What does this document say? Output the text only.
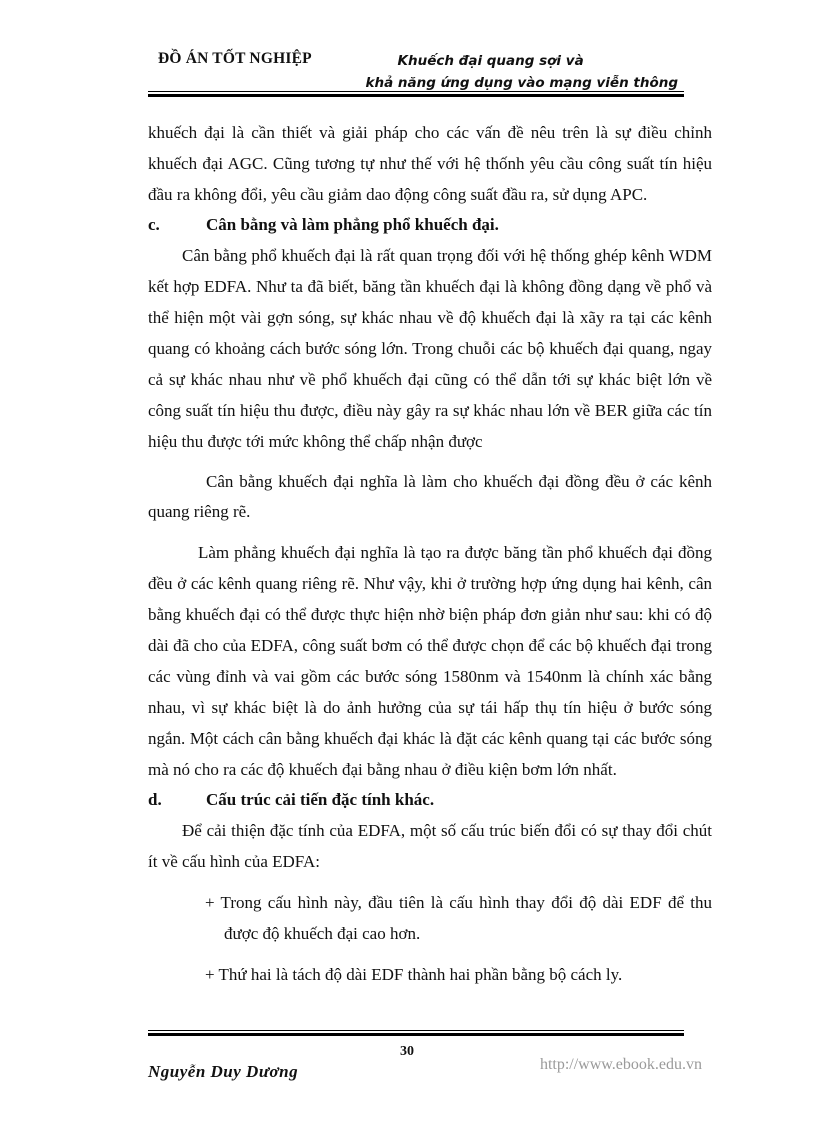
ĐỒ ÁN TỐT NGHIỆP	Khuếch đại quang sợi và
khả năng ứng dụng vào mạng viễn thông

khuếch đại là cần thiết và giải pháp cho các vấn đề nêu trên là sự điều chỉnh khuếch đại AGC. Cũng tương tự như thế với hệ thốnh yêu cầu công suất tín hiệu đầu ra không đổi, yêu cầu giảm dao động công suất đầu ra, sử dụng APC.

c.	Cân bằng và làm phẳng phổ khuếch đại.

Cân bằng phổ khuếch đại là rất quan trọng đối với hệ thống ghép kênh WDM kết hợp EDFA. Như ta đã biết, băng tần khuếch đại là không đồng dạng về phổ và thể hiện một vài gợn sóng, sự khác nhau về độ khuếch đại là xãy ra tại các kênh quang có khoảng cách bước sóng lớn. Trong chuỗi các bộ khuếch đại quang, ngay cả sự khác nhau như về phổ khuếch đại cũng có thể dẫn tới sự khác biệt lớn về công suất tín hiệu thu được, điều này gây ra sự khác nhau lớn về BER giữa các tín hiệu thu được tới mức không thể chấp nhận được

Cân bằng khuếch đại nghĩa là làm cho khuếch đại đồng đều ở các kênh quang riêng rẽ.

Làm phẳng khuếch đại nghĩa là tạo ra được băng tần phổ khuếch đại đồng đều ở các kênh quang riêng rẽ. Như vậy, khi ở trường hợp ứng dụng hai kênh, cân bằng khuếch đại có thể được thực hiện nhờ biện pháp đơn giản như sau: khi có độ dài đã cho của EDFA, công suất bơm có thể được chọn để các bộ khuếch đại trong các vùng đỉnh và vai gồm các bước sóng 1580nm và 1540nm là chính xác bằng nhau, vì sự khác biệt là do ảnh hưởng của sự tái hấp thụ tín hiệu ở bước sóng ngắn. Một cách cân bằng khuếch đại khác là đặt các kênh quang tại các bước sóng mà nó cho ra các độ khuếch đại bằng nhau ở điều kiện bơm lớn nhất.

d.	Cấu trúc cải tiến đặc tính khác.

Để cải thiện đặc tính của EDFA, một số cấu trúc biến đổi có sự thay đổi chút ít về cấu hình của EDFA:

+ Trong cấu hình này, đầu tiên là cấu hình thay đổi độ dài EDF để thu được độ khuếch đại cao hơn.

+ Thứ hai là tách độ dài EDF thành hai phần bằng bộ cách ly.

Nguyễn Duy Dương
30
http://www.ebook.edu.vn
